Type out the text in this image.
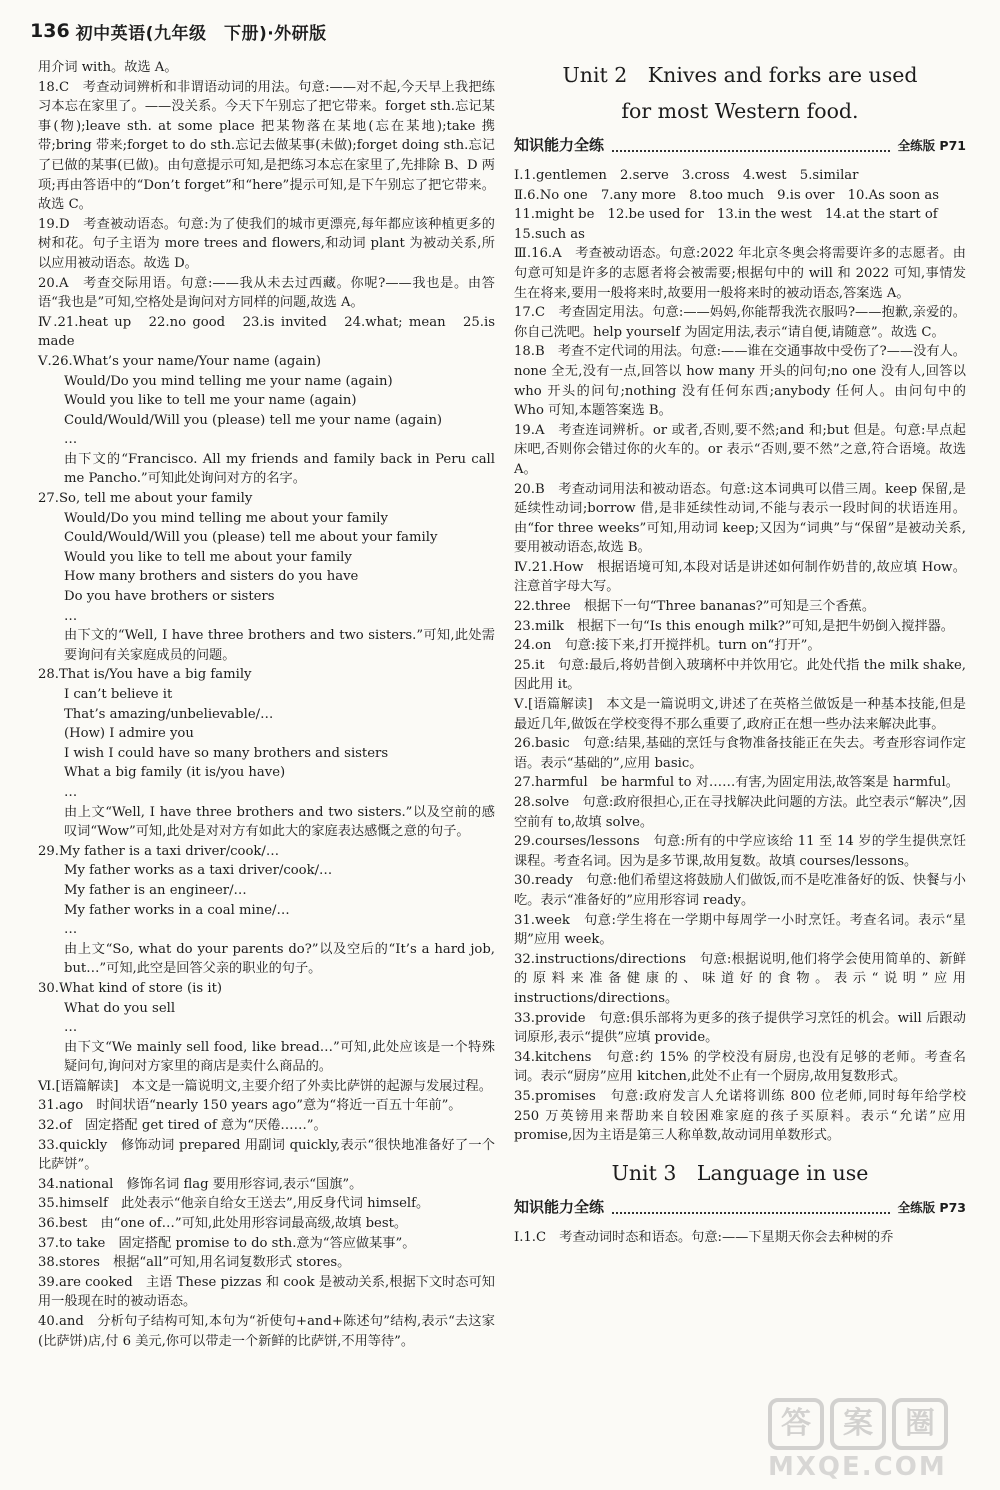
136 初中英语(九年级　下册)·外研版

用介词 with。故选 A。

18.C　考查动词辨析和非谓语动词的用法。句意:——对不起,今天早上我把练习本忘在家里了。——没关系。今天下午别忘了把它带来。forget sth.忘记某事(物);leave sth. at some place 把某物落在某地(忘在某地);take 携带;bring 带来;forget to do sth.忘记去做某事(未做);forget doing sth.忘记了已做的某事(已做)。由句意提示可知,是把练习本忘在家里了,先排除 B、D 两项;再由答语中的“Don’t forget”和“here”提示可知,是下午别忘了把它带来。故选 C。

19.D　考查被动语态。句意:为了使我们的城市更漂亮,每年都应该种植更多的树和花。句子主语为 more trees and flowers,和动词 plant 为被动关系,所以应用被动语态。故选 D。

20.A　考查交际用语。句意:——我从未去过西藏。你呢?——我也是。由答语“我也是”可知,空格处是询问对方同样的问题,故选 A。

Ⅳ.21.heat up　22.no good　23.is invited　24.what; mean　25.is made

Ⅴ.26.What’s your name/Your name (again)

Would/Do you mind telling me your name (again)

Would you like to tell me your name (again)

Could/Would/Will you (please) tell me your name (again)

…

由下文的“Francisco. All my friends and family back in Peru call me Pancho.”可知此处询问对方的名字。

27.So, tell me about your family

Would/Do you mind telling me about your family

Could/Would/Will you (please) tell me about your family

Would you like to tell me about your family

How many brothers and sisters do you have

Do you have brothers or sisters

…

由下文的“Well, I have three brothers and two sisters.”可知,此处需要询问有关家庭成员的问题。

28.That is/You have a big family

I can’t believe it

That’s amazing/unbelievable/…

(How) I admire you

I wish I could have so many brothers and sisters

What a big family (it is/you have)

…

由上文“Well, I have three brothers and two sisters.”以及空前的感叹词“Wow”可知,此处是对对方有如此大的家庭表达感慨之意的句子。

29.My father is a taxi driver/cook/…

My father works as a taxi driver/cook/…

My father is an engineer/…

My father works in a coal mine/…

…

由上文“So, what do your parents do?”以及空后的“It’s a hard job, but…”可知,此空是回答父亲的职业的句子。

30.What kind of store (is it)

What do you sell

…

由下文“We mainly sell food, like bread…”可知,此处应该是一个特殊疑问句,询问对方家里的商店是卖什么商品的。

Ⅵ.[语篇解读]　本文是一篇说明文,主要介绍了外卖比萨饼的起源与发展过程。

31.ago　时间状语“nearly 150 years ago”意为“将近一百五十年前”。

32.of　固定搭配 get tired of 意为“厌倦……”。

33.quickly　修饰动词 prepared 用副词 quickly,表示“很快地准备好了一个比萨饼”。

34.national　修饰名词 flag 要用形容词,表示“国旗”。

35.himself　此处表示“他亲自给女王送去”,用反身代词 himself。

36.best　由“one of…”可知,此处用形容词最高级,故填 best。

37.to take　固定搭配 promise to do sth.意为“答应做某事”。

38.stores　根据“all”可知,用名词复数形式 stores。

39.are cooked　主语 These pizzas 和 cook 是被动关系,根据下文时态可知用一般现在时的被动语态。

40.and　分析句子结构可知,本句为“祈使句+and+陈述句”结构,表示“去这家(比萨饼)店,付 6 美元,你可以带走一个新鲜的比萨饼,不用等待”。

Unit 2　Knives and forks are used
for most Western food.
知识能力全练	全练版 P71

Ⅰ.1.gentlemen　2.serve　3.cross　4.west　5.similar

Ⅱ.6.No one　7.any more　8.too much　9.is over　10.As soon as

11.might be　12.be used for　13.in the west　14.at the start of

15.such as

Ⅲ.16.A　考查被动语态。句意:2022 年北京冬奥会将需要许多的志愿者。由句意可知是许多的志愿者将会被需要;根据句中的 will 和 2022 可知,事情发生在将来,要用一般将来时,故要用一般将来时的被动语态,答案选 A。

17.C　考查固定用法。句意:——妈妈,你能帮我洗衣服吗?——抱歉,亲爱的。你自己洗吧。help yourself 为固定用法,表示“请自便,请随意”。故选 C。

18.B　考查不定代词的用法。句意:——谁在交通事故中受伤了?——没有人。none 全无,没有一点,回答以 how many 开头的问句;no one 没有人,回答以 who 开头的问句;nothing 没有任何东西;anybody 任何人。由问句中的 Who 可知,本题答案选 B。

19.A　考查连词辨析。or 或者,否则,要不然;and 和;but 但是。句意:早点起床吧,否则你会错过你的火车的。or 表示“否则,要不然”之意,符合语境。故选 A。

20.B　考查动词用法和被动语态。句意:这本词典可以借三周。keep 保留,是延续性动词;borrow 借,是非延续性动词,不能与表示一段时间的状语连用。由“for three weeks”可知,用动词 keep;又因为“词典”与“保留”是被动关系,要用被动语态,故选 B。

Ⅳ.21.How　根据语境可知,本段对话是讲述如何制作奶昔的,故应填 How。注意首字母大写。

22.three　根据下一句“Three bananas?”可知是三个香蕉。

23.milk　根据下一句“Is this enough milk?”可知,是把牛奶倒入搅拌器。

24.on　句意:接下来,打开搅拌机。turn on“打开”。

25.it　句意:最后,将奶昔倒入玻璃杯中并饮用它。此处代指 the milk shake,因此用 it。

Ⅴ.[语篇解读]　本文是一篇说明文,讲述了在英格兰做饭是一种基本技能,但是最近几年,做饭在学校变得不那么重要了,政府正在想一些办法来解决此事。

26.basic　句意:结果,基础的烹饪与食物准备技能正在失去。考查形容词作定语。表示“基础的”,应用 basic。

27.harmful　be harmful to 对……有害,为固定用法,故答案是 harmful。

28.solve　句意:政府很担心,正在寻找解决此问题的方法。此空表示“解决”,因空前有 to,故填 solve。

29.courses/lessons　句意:所有的中学应该给 11 至 14 岁的学生提供烹饪课程。考查名词。因为是多节课,故用复数。故填 courses/lessons。

30.ready　句意:他们希望这将鼓励人们做饭,而不是吃准备好的饭、快餐与小吃。表示“准备好的”应用形容词 ready。

31.week　句意:学生将在一学期中每周学一小时烹饪。考查名词。表示“星期”应用 week。

32.instructions/directions　句意:根据说明,他们将学会使用简单的、新鲜的原料来准备健康的、味道好的食物。表示“说明”应用 instructions/directions。

33.provide　句意:俱乐部将为更多的孩子提供学习烹饪的机会。will 后跟动词原形,表示“提供”应填 provide。

34.kitchens　句意:约 15% 的学校没有厨房,也没有足够的老师。考查名词。表示“厨房”应用 kitchen,此处不止有一个厨房,故用复数形式。

35.promises　句意:政府发言人允诺将训练 800 位老师,同时每年给学校 250 万英镑用来帮助来自较困难家庭的孩子买原料。表示“允诺”应用 promise,因为主语是第三人称单数,故动词用单数形式。

Unit 3　Language in use
知识能力全练	全练版 P73

Ⅰ.1.C　考查动词时态和语态。句意:——下星期天你会去种树的乔

答	案	圈
MXQE.COM
